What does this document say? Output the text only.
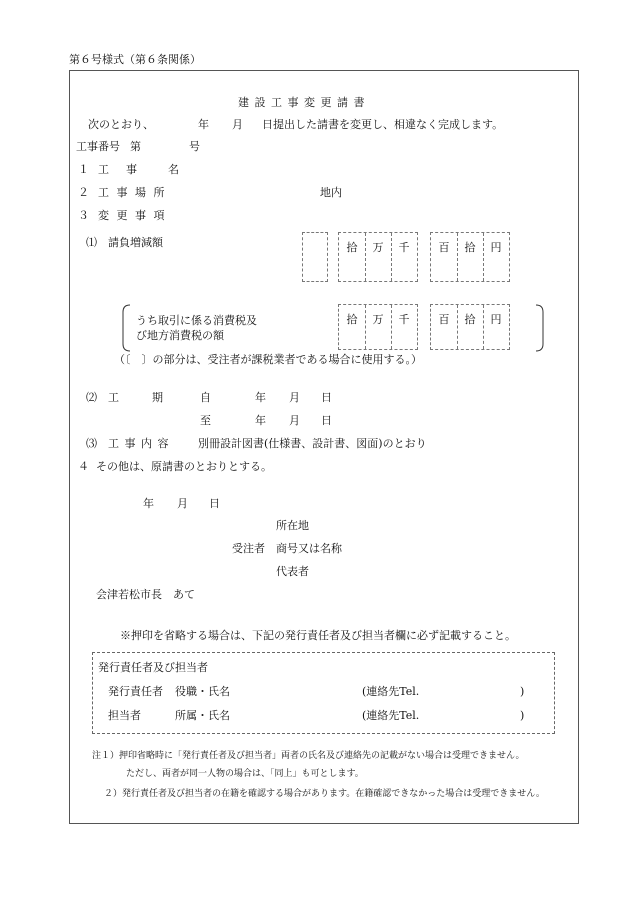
第６号様式（第６条関係）
建 設 工 事 変 更 請 書
次のとおり、	年 月 日提出した請書を変更し、相違なく完成します。
工事番号 第	号
１ 工　事　　名
２ 工 事 場 所	地内
３ 変 更 事 項
⑴ 請負増減額	拾	万	千	百	拾	円
うち取引に係る消費税及
び地方消費税の額
拾	万	千	百	拾	円
（〔　〕の部分は、受注者が課税業者である場合に使用する。）
⑵ 工　　　期	自	年 月 日
至	年 月 日
⑶ 工 事 内 容	別冊設計図書(仕様書、設計書、図面)のとおり
４ その他は、原請書のとおりとする。
年 月 日
所在地
受注者 商号又は名称
代表者
会津若松市長　あて
※押印を省略する場合は、下記の発行責任者及び担当者欄に必ず記載すること。
発行責任者及び担当者
発行責任者 役職・氏名	(連絡先Tel.	)
担当者	所属・氏名	(連絡先Tel.	)
注１）押印省略時に「発行責任者及び担当者」両者の氏名及び連絡先の記載がない場合は受理できません。
ただし、両者が同一人物の場合は、「同上」も可とします。
２）発行責任者及び担当者の在籍を確認する場合があります。在籍確認できなかった場合は受理できません。
